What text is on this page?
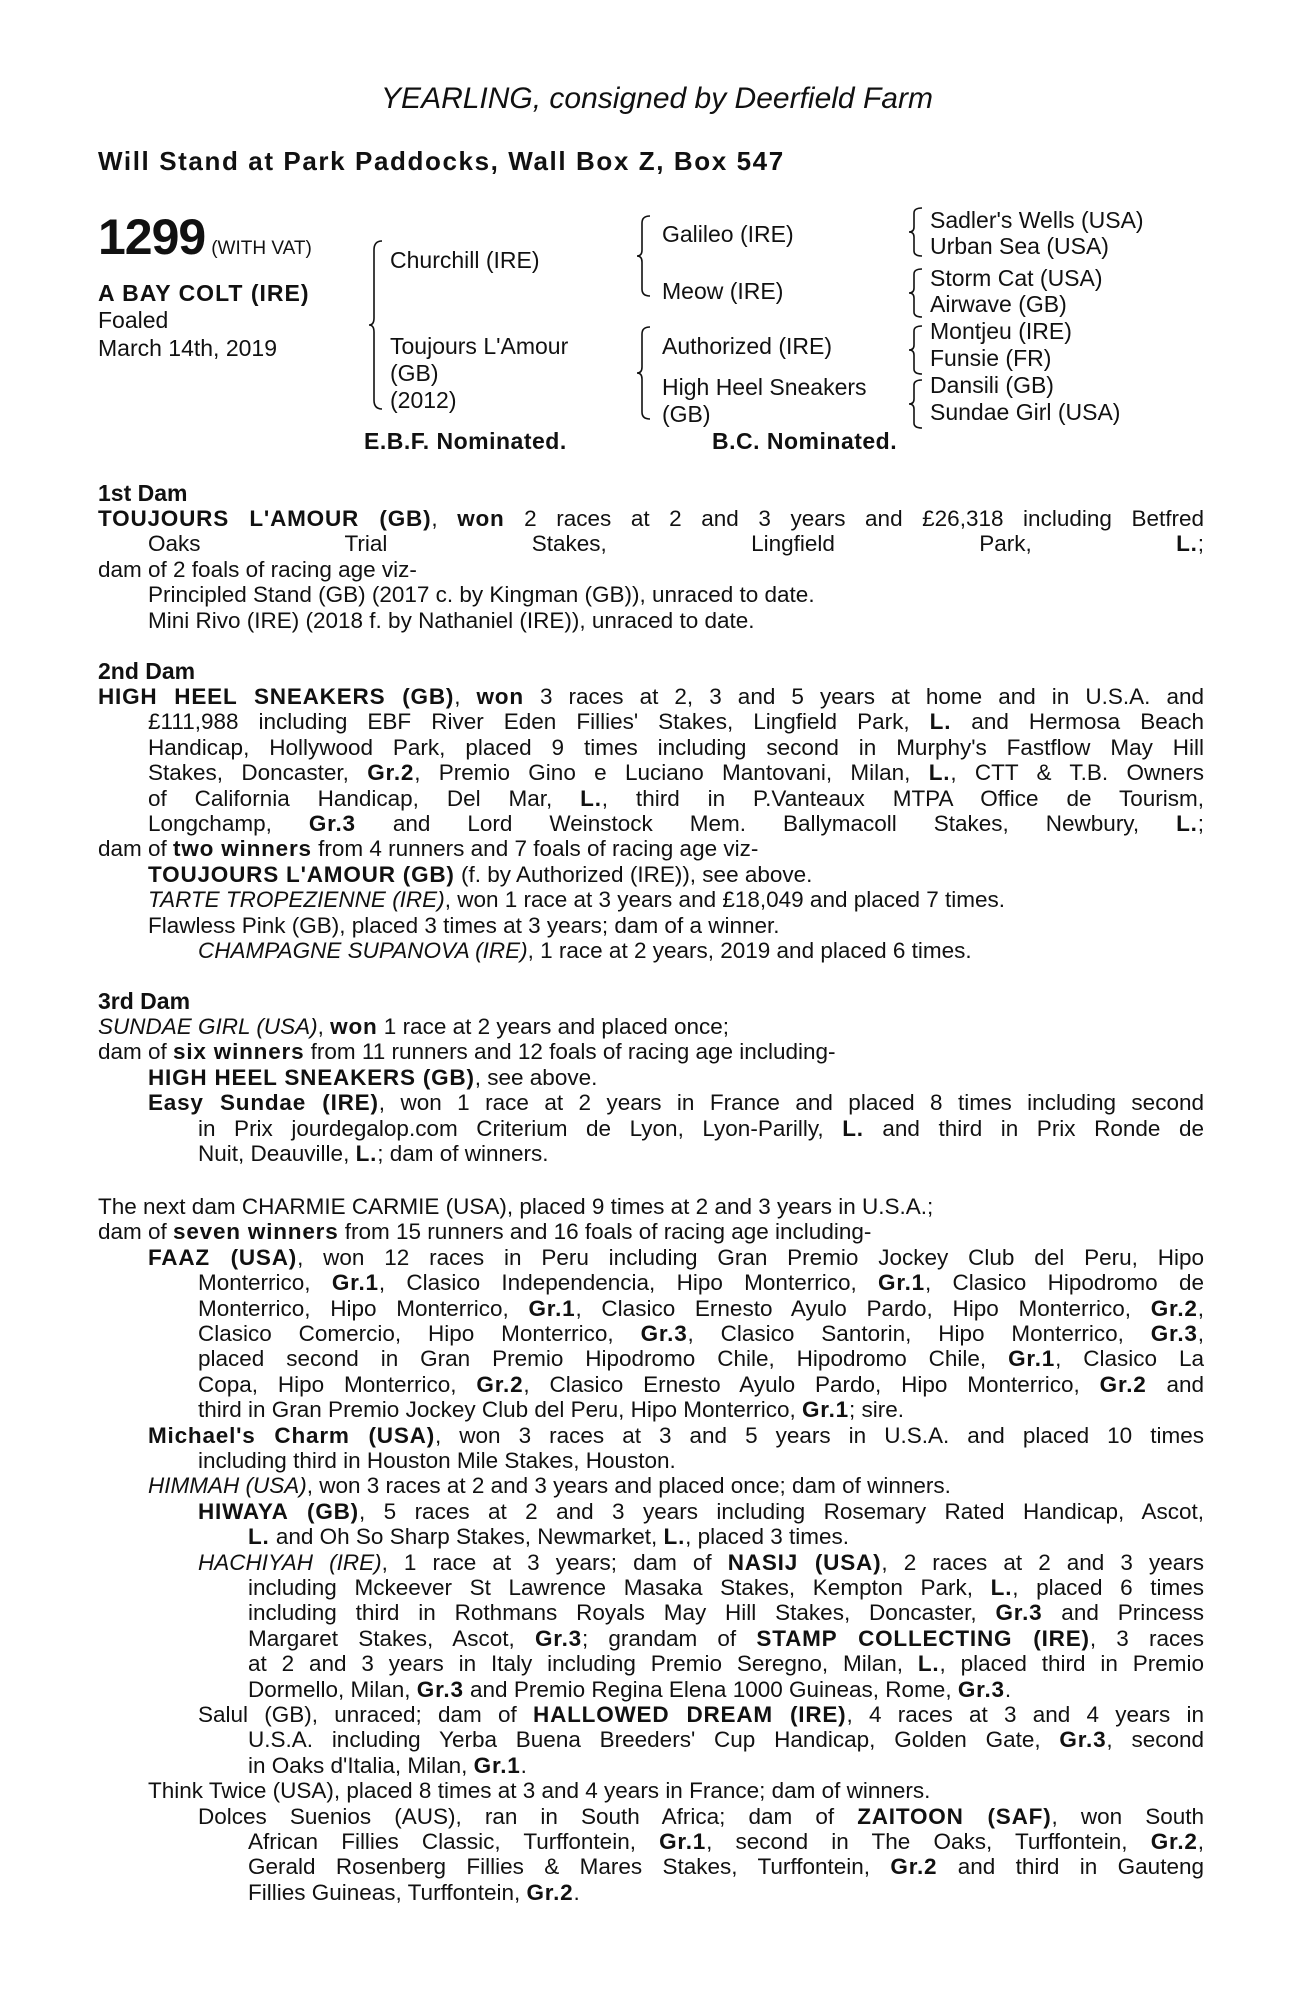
YEARLING, consigned by Deerfield Farm
Will Stand at Park Paddocks, Wall Box Z, Box 547
1299 (WITH VAT)
A BAY COLT (IRE)
Foaled
March 14th, 2019
Churchill (IRE)
Toujours L'Amour
(GB)
(2012)
Galileo (IRE)
Meow (IRE)
Authorized (IRE)
High Heel Sneakers
(GB)
Sadler's Wells (USA)
Urban Sea (USA)
Storm Cat (USA)
Airwave (GB)
Montjeu (IRE)
Funsie (FR)
Dansili (GB)
Sundae Girl (USA)
E.B.F. Nominated.	B.C. Nominated.
1st Dam
2nd Dam
3rd Dam
TOUJOURS L'AMOUR (GB), won 2 races at 2 and 3 years and £26,318 including Betfred
Oaks Trial Stakes, Lingfield Park, L.;
dam of 2 foals of racing age viz-
Principled Stand (GB) (2017 c. by Kingman (GB)), unraced to date.
Mini Rivo (IRE) (2018 f. by Nathaniel (IRE)), unraced to date.
HIGH HEEL SNEAKERS (GB), won 3 races at 2, 3 and 5 years at home and in U.S.A. and
£111,988 including EBF River Eden Fillies' Stakes, Lingfield Park, L. and Hermosa Beach
Handicap, Hollywood Park, placed 9 times including second in Murphy's Fastflow May Hill
Stakes, Doncaster, Gr.2, Premio Gino e Luciano Mantovani, Milan, L., CTT & T.B. Owners
of California Handicap, Del Mar, L., third in P.Vanteaux MTPA Office de Tourism,
Longchamp, Gr.3 and Lord Weinstock Mem. Ballymacoll Stakes, Newbury, L.;
dam of two winners from 4 runners and 7 foals of racing age viz-
TOUJOURS L'AMOUR (GB) (f. by Authorized (IRE)), see above.
TARTE TROPEZIENNE (IRE), won 1 race at 3 years and £18,049 and placed 7 times.
Flawless Pink (GB), placed 3 times at 3 years; dam of a winner.
CHAMPAGNE SUPANOVA (IRE), 1 race at 2 years, 2019 and placed 6 times.
SUNDAE GIRL (USA), won 1 race at 2 years and placed once;
dam of six winners from 11 runners and 12 foals of racing age including-
HIGH HEEL SNEAKERS (GB), see above.
Easy Sundae (IRE), won 1 race at 2 years in France and placed 8 times including second
in Prix jourdegalop.com Criterium de Lyon, Lyon-Parilly, L. and third in Prix Ronde de
Nuit, Deauville, L.; dam of winners.
The next dam CHARMIE CARMIE (USA), placed 9 times at 2 and 3 years in U.S.A.;
dam of seven winners from 15 runners and 16 foals of racing age including-
FAAZ (USA), won 12 races in Peru including Gran Premio Jockey Club del Peru, Hipo
Monterrico, Gr.1, Clasico Independencia, Hipo Monterrico, Gr.1, Clasico Hipodromo de
Monterrico, Hipo Monterrico, Gr.1, Clasico Ernesto Ayulo Pardo, Hipo Monterrico, Gr.2,
Clasico Comercio, Hipo Monterrico, Gr.3, Clasico Santorin, Hipo Monterrico, Gr.3,
placed second in Gran Premio Hipodromo Chile, Hipodromo Chile, Gr.1, Clasico La
Copa, Hipo Monterrico, Gr.2, Clasico Ernesto Ayulo Pardo, Hipo Monterrico, Gr.2 and
third in Gran Premio Jockey Club del Peru, Hipo Monterrico, Gr.1; sire.
Michael's Charm (USA), won 3 races at 3 and 5 years in U.S.A. and placed 10 times
including third in Houston Mile Stakes, Houston.
HIMMAH (USA), won 3 races at 2 and 3 years and placed once; dam of winners.
HIWAYA (GB), 5 races at 2 and 3 years including Rosemary Rated Handicap, Ascot,
L. and Oh So Sharp Stakes, Newmarket, L., placed 3 times.
HACHIYAH (IRE), 1 race at 3 years; dam of NASIJ (USA), 2 races at 2 and 3 years
including Mckeever St Lawrence Masaka Stakes, Kempton Park, L., placed 6 times
including third in Rothmans Royals May Hill Stakes, Doncaster, Gr.3 and Princess
Margaret Stakes, Ascot, Gr.3; grandam of STAMP COLLECTING (IRE), 3 races
at 2 and 3 years in Italy including Premio Seregno, Milan, L., placed third in Premio
Dormello, Milan, Gr.3 and Premio Regina Elena 1000 Guineas, Rome, Gr.3.
Salul (GB), unraced; dam of HALLOWED DREAM (IRE), 4 races at 3 and 4 years in
U.S.A. including Yerba Buena Breeders' Cup Handicap, Golden Gate, Gr.3, second
in Oaks d'Italia, Milan, Gr.1.
Think Twice (USA), placed 8 times at 3 and 4 years in France; dam of winners.
Dolces Suenios (AUS), ran in South Africa; dam of ZAITOON (SAF), won South
African Fillies Classic, Turffontein, Gr.1, second in The Oaks, Turffontein, Gr.2,
Gerald Rosenberg Fillies & Mares Stakes, Turffontein, Gr.2 and third in Gauteng
Fillies Guineas, Turffontein, Gr.2.
